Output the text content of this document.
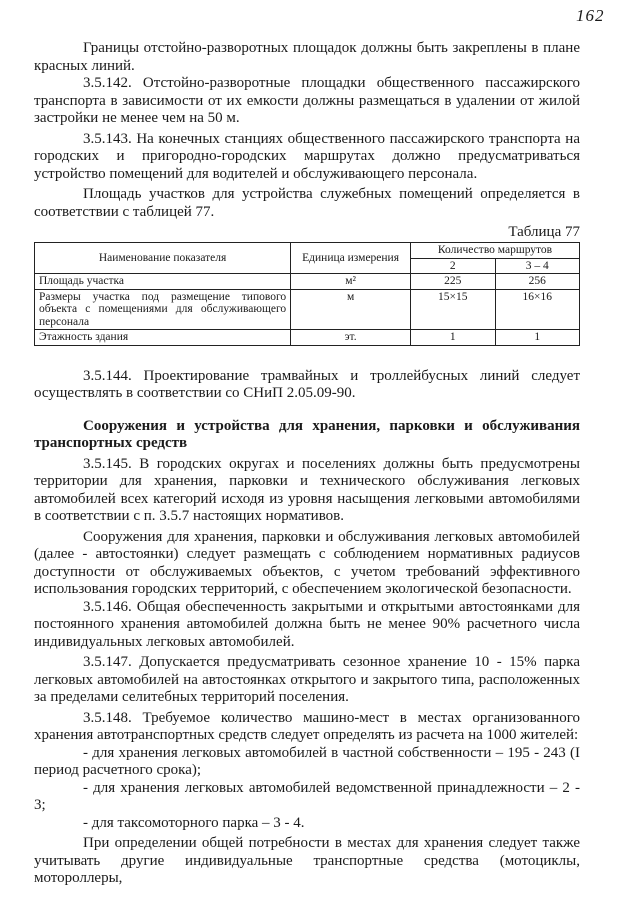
162

Границы отстойно-разворотных площадок должны быть закреплены в плане красных линий.

3.5.142. Отстойно-разворотные площадки общественного пассажирского транспорта в зависимости от их емкости должны размещаться в удалении от жилой застройки не менее чем на 50 м.

3.5.143. На конечных станциях общественного пассажирского транспорта на городских и пригородно-городских маршрутах должно предусматриваться устройство помещений для водителей и обслуживающего персонала.

Площадь участков для устройства служебных помещений определяется в соответствии с таблицей 77.

Таблица 77
Наименование показателя	Единица измерения	Количество маршрутов	
		2	3 – 4
Площадь участка	м²	225	256
Размеры участка под размещение типового объекта с помещениями для обслуживающего персонала	м	15×15	16×16
Этажность здания	эт.	1	1

3.5.144. Проектирование трамвайных и троллейбусных линий следует осуществлять в соответствии со СНиП 2.05.09-90.

Сооружения и устройства для хранения, парковки и обслуживания транспортных средств

3.5.145. В городских округах и поселениях должны быть предусмотрены территории для хранения, парковки и технического обслуживания легковых автомобилей всех категорий исходя из уровня насыщения легковыми автомобилями в соответствии с п. 3.5.7 настоящих нормативов.

Сооружения для хранения, парковки и обслуживания легковых автомобилей (далее - автостоянки) следует размещать с соблюдением нормативных радиусов доступности от обслуживаемых объектов, с учетом требований эффективного использования городских территорий, с обеспечением экологической безопасности.

3.5.146. Общая обеспеченность закрытыми и открытыми автостоянками для постоянного хранения автомобилей должна быть не менее 90% расчетного числа индивидуальных легковых автомобилей.

3.5.147. Допускается предусматривать сезонное хранение 10 - 15% парка легковых автомобилей на автостоянках открытого и закрытого типа, расположенных за пределами селитебных территорий поселения.

3.5.148. Требуемое количество машино-мест в местах организованного хранения автотранспортных средств следует определять из расчета на 1000 жителей:

- для хранения легковых автомобилей в частной собственности – 195 - 243 (I период расчетного срока);

- для хранения легковых автомобилей ведомственной принадлежности – 2 - 3;

- для таксомоторного парка – 3 - 4.

При определении общей потребности в местах для хранения следует также учитывать другие индивидуальные транспортные средства (мотоциклы, мотороллеры,
